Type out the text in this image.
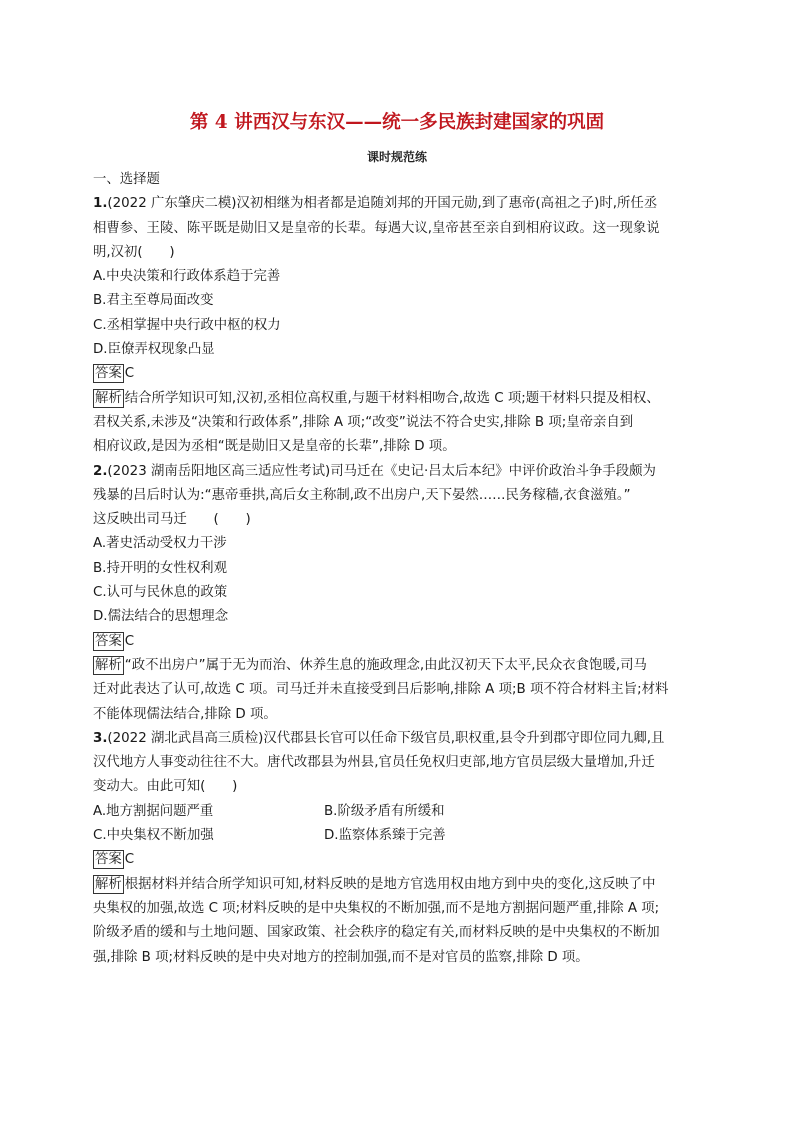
第 4 讲西汉与东汉——统一多民族封建国家的巩固
课时规范练

一、选择题

1.(2022 广东肇庆二模)汉初相继为相者都是追随刘邦的开国元勋,到了惠帝(高祖之子)时,所任丞

相曹参、王陵、陈平既是勋旧又是皇帝的长辈。每遇大议,皇帝甚至亲自到相府议政。这一现象说

明,汉初(　　)

A.中央决策和行政体系趋于完善

B.君主至尊局面改变

C.丞相掌握中央行政中枢的权力

D.臣僚弄权现象凸显

答案 C

解析 结合所学知识可知,汉初,丞相位高权重,与题干材料相吻合,故选 C 项;题干材料只提及相权、

君权关系,未涉及“决策和行政体系”,排除 A 项;“改变”说法不符合史实,排除 B 项;皇帝亲自到

相府议政,是因为丞相“既是勋旧又是皇帝的长辈”,排除 D 项。

2.(2023 湖南岳阳地区高三适应性考试)司马迁在《史记·吕太后本纪》中评价政治斗争手段颇为

残暴的吕后时认为:“惠帝垂拱,高后女主称制,政不出房户,天下晏然……民务稼穑,衣食滋殖。”

这反映出司马迁　　(　　)

A.著史活动受权力干涉

B.持开明的女性权利观

C.认可与民休息的政策

D.儒法结合的思想理念

答案 C

解析 “政不出房户”属于无为而治、休养生息的施政理念,由此汉初天下太平,民众衣食饱暖,司马

迁对此表达了认可,故选 C 项。司马迁并未直接受到吕后影响,排除 A 项;B 项不符合材料主旨;材料

不能体现儒法结合,排除 D 项。

3.(2022 湖北武昌高三质检)汉代郡县长官可以任命下级官员,职权重,县令升到郡守即位同九卿,且

汉代地方人事变动往往不大。唐代改郡县为州县,官员任免权归吏部,地方官员层级大量增加,升迁

变动大。由此可知(　　)

A.地方割据问题严重	B.阶级矛盾有所缓和

C.中央集权不断加强	D.监察体系臻于完善

答案 C

解析 根据材料并结合所学知识可知,材料反映的是地方官选用权由地方到中央的变化,这反映了中

央集权的加强,故选 C 项;材料反映的是中央集权的不断加强,而不是地方割据问题严重,排除 A 项;

阶级矛盾的缓和与土地问题、国家政策、社会秩序的稳定有关,而材料反映的是中央集权的不断加

强,排除 B 项;材料反映的是中央对地方的控制加强,而不是对官员的监察,排除 D 项。
